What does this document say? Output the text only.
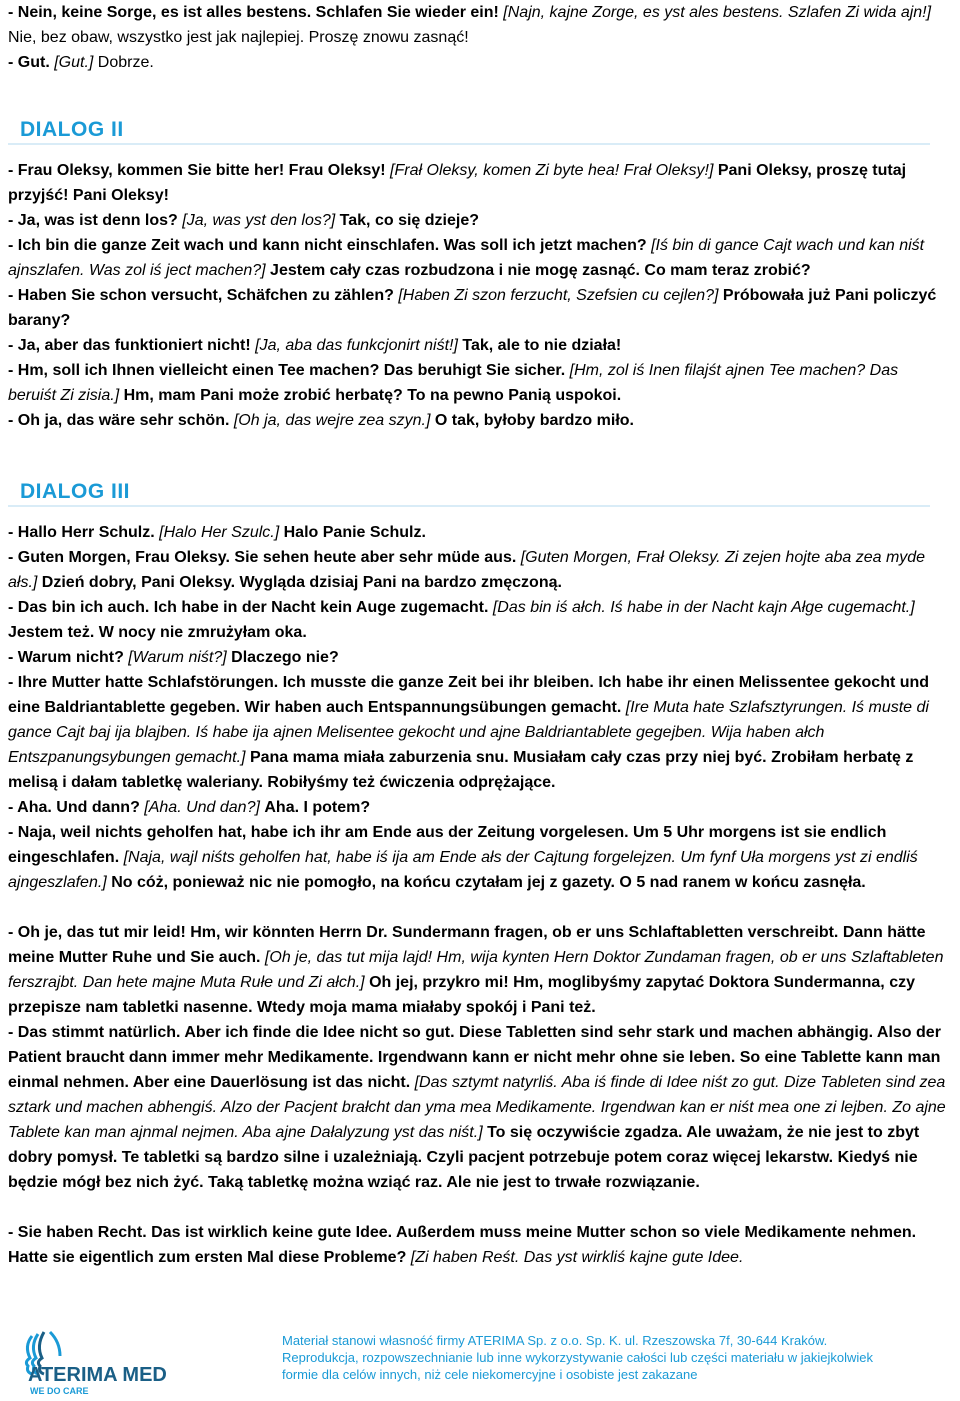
- Nein, keine Sorge, es ist alles bestens. Schlafen Sie wieder ein! [Najn, kajne Zorge, es yst ales bestens. Szlafen Zi wida ajn!] Nie, bez obaw, wszystko jest jak najlepiej. Proszę znowu zasnąć!

- Gut. [Gut.] Dobrze.

DIALOG II

- Frau Oleksy, kommen Sie bitte her! Frau Oleksy! [Frał Oleksy, komen Zi byte hea! Frał Oleksy!] Pani Oleksy, proszę tutaj przyjść! Pani Oleksy!

- Ja, was ist denn los? [Ja, was yst den los?] Tak, co się dzieje?

- Ich bin die ganze Zeit wach und kann nicht einschlafen. Was soll ich jetzt machen? [Iś bin di gance Cajt wach und kan niśt ajnszlafen. Was zol iś ject machen?] Jestem cały czas rozbudzona i nie mogę zasnąć. Co mam teraz zrobić?

- Haben Sie schon versucht, Schäfchen zu zählen? [Haben Zi szon ferzucht, Szefsien cu cejlen?] Próbowała już Pani policzyć barany?

- Ja, aber das funktioniert nicht! [Ja, aba das funkcjonirt niśt!] Tak, ale to nie działa!

- Hm, soll ich Ihnen vielleicht einen Tee machen? Das beruhigt Sie sicher. [Hm, zol iś Inen filajśt ajnen Tee machen? Das beruiśt Zi zisia.] Hm, mam Pani może zrobić herbatę? To na pewno Panią uspokoi.

- Oh ja, das wäre sehr schön. [Oh ja, das wejre zea szyn.] O tak, byłoby bardzo miło.

DIALOG III

- Hallo Herr Schulz. [Halo Her Szulc.] Halo Panie Schulz.

- Guten Morgen, Frau Oleksy. Sie sehen heute aber sehr müde aus. [Guten Morgen, Frał Oleksy. Zi zejen hojte aba zea myde ałs.] Dzień dobry, Pani Oleksy. Wygląda dzisiaj Pani na bardzo zmęczoną.

- Das bin ich auch. Ich habe in der Nacht kein Auge zugemacht. [Das bin iś ałch. Iś habe in der Nacht kajn Ałge cugemacht.] Jestem też. W nocy nie zmrużyłam oka.

- Warum nicht? [Warum niśt?] Dlaczego nie?

- Ihre Mutter hatte Schlafstörungen. Ich musste die ganze Zeit bei ihr bleiben. Ich habe ihr einen Melissentee gekocht und eine Baldriantablette gegeben. Wir haben auch Entspannungsübungen gemacht. [Ire Muta hate Szlafsztyrungen. Iś muste di gance Cajt baj ija blajben. Iś habe ija ajnen Melisentee gekocht und ajne Baldriantablete gegejben. Wija haben ałch Entszpanungsybungen gemacht.] Pana mama miała zaburzenia snu. Musiałam cały czas przy niej być. Zrobiłam herbatę z melisą i dałam tabletkę waleriany. Robiłyśmy też ćwiczenia odprężające.

- Aha. Und dann? [Aha. Und dan?] Aha. I potem?

- Naja, weil nichts geholfen hat, habe ich ihr am Ende aus der Zeitung vorgelesen. Um 5 Uhr morgens ist sie endlich eingeschlafen. [Naja, wajl niśts geholfen hat, habe iś ija am Ende ałs der Cajtung forgelejzen. Um fynf Uła morgens yst zi endliś ajngeszlafen.] No cóż, ponieważ nic nie pomogło, na końcu czytałam jej z gazety. O 5 nad ranem w końcu zasnęła.

- Oh je, das tut mir leid! Hm, wir könnten Herrn Dr. Sundermann fragen, ob er uns Schlaftabletten verschreibt. Dann hätte meine Mutter Ruhe und Sie auch. [Oh je, das tut mija lajd! Hm, wija kynten Hern Doktor Zundaman fragen, ob er uns Szlaftableten ferszrajbt. Dan hete majne Muta Rułe und Zi ałch.] Oh jej, przykro mi! Hm, moglibyśmy zapytać Doktora Sundermanna, czy przepisze nam tabletki nasenne. Wtedy moja mama miałaby spokój i Pani też.

- Das stimmt natürlich. Aber ich finde die Idee nicht so gut. Diese Tabletten sind sehr stark und machen abhängig. Also der Patient braucht dann immer mehr Medikamente. Irgendwann kann er nicht mehr ohne sie leben. So eine Tablette kann man einmal nehmen. Aber eine Dauerlösung ist das nicht. [Das sztymt natyrliś. Aba iś finde di Idee niśt zo gut. Dize Tableten sind zea sztark und machen abhengiś. Alzo der Pacjent brałcht dan yma mea Medikamente. Irgendwan kan er niśt mea one zi lejben. Zo ajne Tablete kan man ajnmal nejmen. Aba ajne Dałalyzung yst das niśt.] To się oczywiście zgadza. Ale uważam, że nie jest to zbyt dobry pomysł. Te tabletki są bardzo silne i uzależniają. Czyli pacjent potrzebuje potem coraz więcej lekarstw. Kiedyś nie będzie mógł bez nich żyć. Taką tabletkę można wziąć raz. Ale nie jest to trwałe rozwiązanie.

- Sie haben Recht. Das ist wirklich keine gute Idee. Außerdem muss meine Mutter schon so viele Medikamente nehmen. Hatte sie eigentlich zum ersten Mal diese Probleme? [Zi haben Reśt. Das yst wirkliś kajne gute Idee.

ATERIMA MED
WE DO CARE

Materiał stanowi własność firmy ATERIMA Sp. z o.o. Sp. K. ul. Rzeszowska 7f, 30-644 Kraków.
Reprodukcja, rozpowszechnianie lub inne wykorzystywanie całości lub części materiału w jakiejkolwiek
formie dla celów innych, niż cele niekomercyjne i osobiste jest zakazane
